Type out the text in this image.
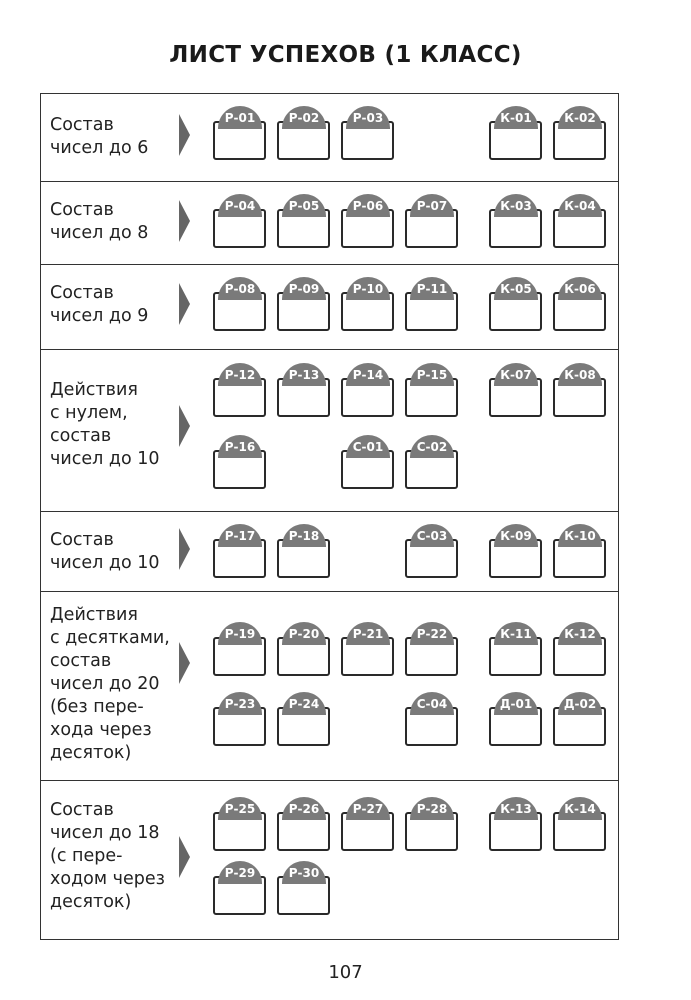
ЛИСТ УСПЕХОВ (1 КЛАСС)
Состав
чисел до 6
Р-01	Р-02	Р-03	К-01	К-02
Состав
чисел до 8
Р-04	Р-05	Р-06	Р-07	К-03	К-04
Состав
чисел до 9
Р-08	Р-09	Р-10	Р-11	К-05	К-06
Действия
с нулем,
состав
чисел до 10
Р-12	Р-13	Р-14	Р-15	К-07	К-08
Р-16	С-01	С-02
Состав
чисел до 10
Р-17	Р-18	С-03	К-09	К-10
Действия
с десятками,
состав
чисел до 20
(без пере-
хода через
десяток)
Р-19	Р-20	Р-21	Р-22	К-11	К-12
Р-23	Р-24	С-04	Д-01	Д-02
Состав
чисел до 18
(с пере-
ходом через
десяток)
Р-25	Р-26	Р-27	Р-28	К-13	К-14
Р-29	Р-30
107
